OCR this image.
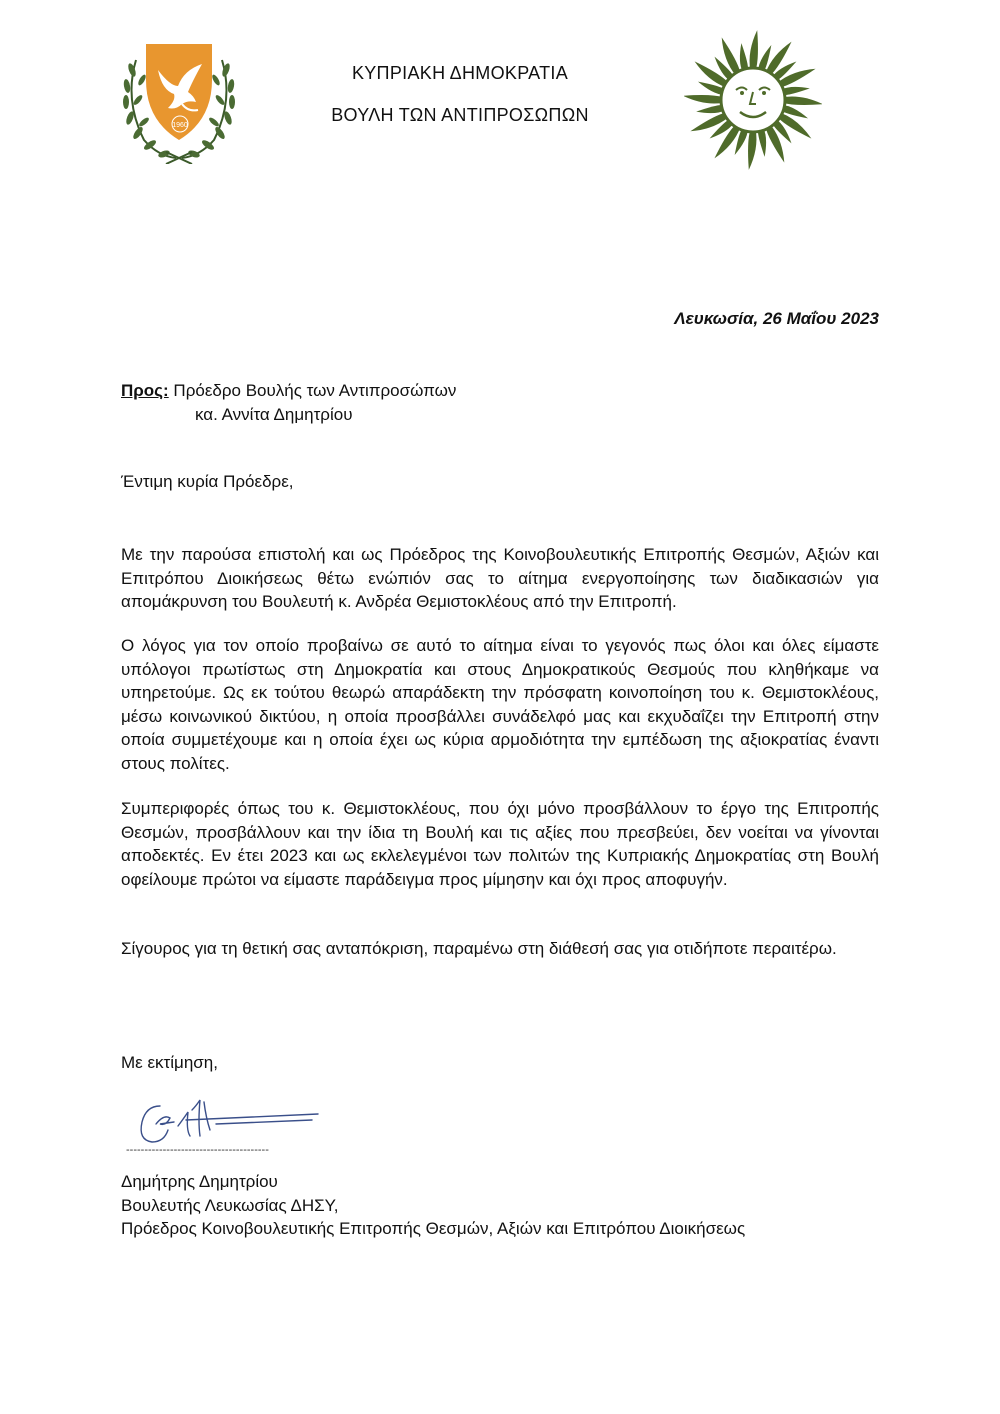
1960
ΚΥΠΡΙΑΚΗ ΔΗΜΟΚΡΑΤΙΑ
ΒΟΥΛΗ ΤΩΝ ΑΝΤΙΠΡΟΣΩΠΩΝ
Λευκωσία, 26 Μαΐου 2023
Προς: Πρόεδρο Βουλής των Αντιπροσώπων
κα. Αννίτα Δημητρίου
Έντιμη κυρία Πρόεδρε,
Με την παρούσα επιστολή και ως Πρόεδρος της Κοινοβουλευτικής Επιτροπής Θεσμών, Αξιών και Επιτρόπου Διοικήσεως θέτω ενώπιόν σας το αίτημα ενεργοποίησης των διαδικασιών για απομάκρυνση του Βουλευτή κ. Ανδρέα Θεμιστοκλέους από την Επιτροπή.
Ο λόγος για τον οποίο προβαίνω σε αυτό το αίτημα είναι το γεγονός πως όλοι και όλες είμαστε υπόλογοι πρωτίστως στη Δημοκρατία και στους Δημοκρατικούς Θεσμούς που κληθήκαμε να υπηρετούμε. Ως εκ τούτου θεωρώ απαράδεκτη την πρόσφατη κοινοποίηση του κ. Θεμιστοκλέους, μέσω κοινωνικού δικτύου, η οποία προσβάλλει συνάδελφό μας και εκχυδαΐζει την Επιτροπή στην οποία συμμετέχουμε και η οποία έχει ως κύρια αρμοδιότητα την εμπέδωση της αξιοκρατίας έναντι στους πολίτες.
Συμπεριφορές όπως του κ. Θεμιστοκλέους, που όχι μόνο προσβάλλουν το έργο της Επιτροπής Θεσμών, προσβάλλουν και την ίδια τη Βουλή και τις αξίες που πρεσβεύει, δεν νοείται να γίνονται αποδεκτές. Εν έτει 2023 και ως εκλελεγμένοι των πολιτών της Κυπριακής Δημοκρατίας στη Βουλή οφείλουμε πρώτοι να είμαστε παράδειγμα προς μίμησην και όχι προς αποφυγήν.
Σίγουρος για τη θετική σας ανταπόκριση, παραμένω στη διάθεσή σας για οτιδήποτε περαιτέρω.
Με εκτίμηση,
---------------------------------------
Δημήτρης Δημητρίου
Βουλευτής Λευκωσίας ΔΗΣΥ,
Πρόεδρος Κοινοβουλευτικής Επιτροπής Θεσμών, Αξιών και Επιτρόπου Διοικήσεως
